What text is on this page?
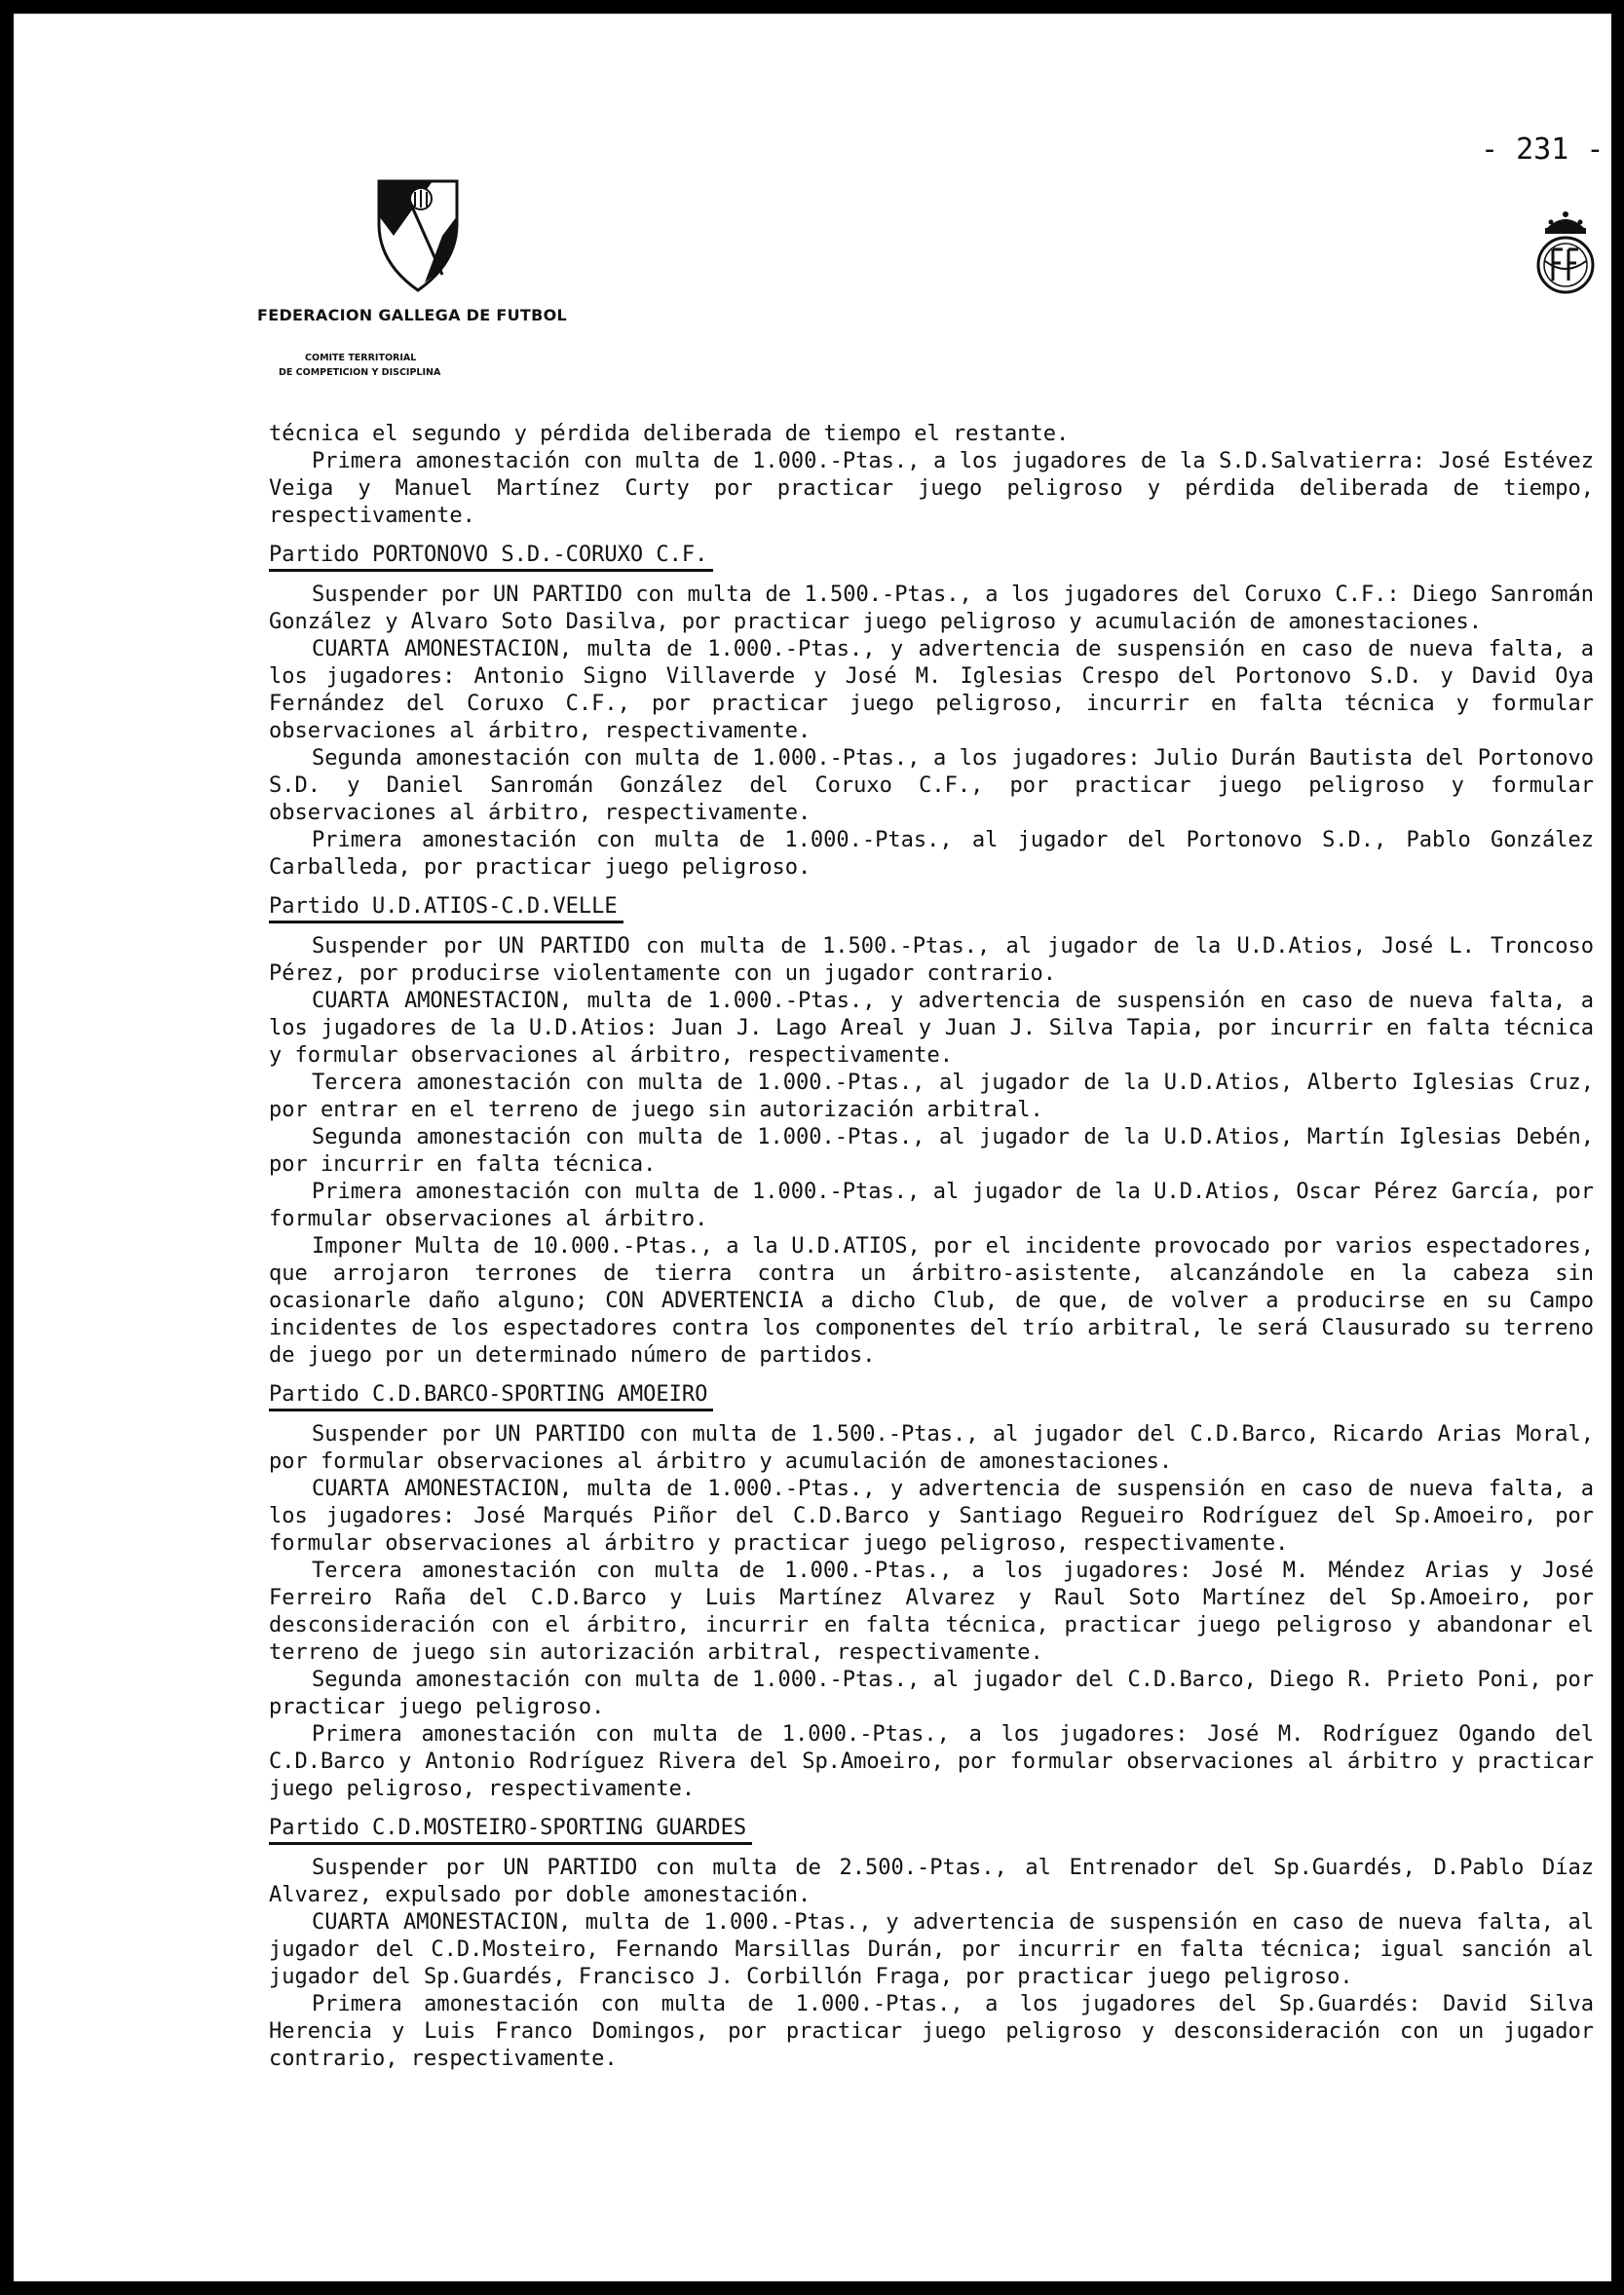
- 231 -
FEDERACION GALLEGA DE FUTBOL
COMITE TERRITORIAL
DE COMPETICION Y DISCIPLINA

técnica el segundo y pérdida deliberada de tiempo el restante.

Primera amonestación con multa de 1.000.-Ptas., a los jugadores de la S.D.Salvatierra: José Estévez Veiga y Manuel Martínez Curty por practicar juego peligroso y pérdida deliberada de tiempo, respectivamente.

Partido PORTONOVO S.D.-CORUXO C.F.

Suspender por UN PARTIDO con multa de 1.500.-Ptas., a los jugadores del Coruxo C.F.: Diego Sanromán González y Alvaro Soto Dasilva, por practicar juego peligroso y acumulación de amonestaciones.

CUARTA AMONESTACION, multa de 1.000.-Ptas., y advertencia de suspensión en caso de nueva falta, a los jugadores: Antonio Signo Villaverde y José M. Iglesias Crespo del Portonovo S.D. y David Oya Fernández del Coruxo C.F., por practicar juego peligroso, incurrir en falta técnica y formular observaciones al árbitro, respectivamente.

Segunda amonestación con multa de 1.000.-Ptas., a los jugadores: Julio Durán Bautista del Portonovo S.D. y Daniel Sanromán González del Coruxo C.F., por practicar juego peligroso y formular observaciones al árbitro, respectivamente.

Primera amonestación con multa de 1.000.-Ptas., al jugador del Portonovo S.D., Pablo González Carballeda, por practicar juego peligroso.

Partido U.D.ATIOS-C.D.VELLE

Suspender por UN PARTIDO con multa de 1.500.-Ptas., al jugador de la U.D.Atios, José L. Troncoso Pérez, por producirse violentamente con un jugador contrario.

CUARTA AMONESTACION, multa de 1.000.-Ptas., y advertencia de suspensión en caso de nueva falta, a los jugadores de la U.D.Atios: Juan J. Lago Areal y Juan J. Silva Tapia, por incurrir en falta técnica y formular observaciones al árbitro, respectivamente.

Tercera amonestación con multa de 1.000.-Ptas., al jugador de la U.D.Atios, Alberto Iglesias Cruz, por entrar en el terreno de juego sin autorización arbitral.

Segunda amonestación con multa de 1.000.-Ptas., al jugador de la U.D.Atios, Martín Iglesias Debén, por incurrir en falta técnica.

Primera amonestación con multa de 1.000.-Ptas., al jugador de la U.D.Atios, Oscar Pérez García, por formular observaciones al árbitro.

Imponer Multa de 10.000.-Ptas., a la U.D.ATIOS, por el incidente provocado por varios espectadores, que arrojaron terrones de tierra contra un árbitro-asistente, alcanzándole en la cabeza sin ocasionarle daño alguno; CON ADVERTENCIA a dicho Club, de que, de volver a producirse en su Campo incidentes de los espectadores contra los componentes del trío arbitral, le será Clausurado su terreno de juego por un determinado número de partidos.

Partido C.D.BARCO-SPORTING AMOEIRO

Suspender por UN PARTIDO con multa de 1.500.-Ptas., al jugador del C.D.Barco, Ricardo Arias Moral, por formular observaciones al árbitro y acumulación de amonestaciones.

CUARTA AMONESTACION, multa de 1.000.-Ptas., y advertencia de suspensión en caso de nueva falta, a los jugadores: José Marqués Piñor del C.D.Barco y Santiago Regueiro Rodríguez del Sp.Amoeiro, por formular observaciones al árbitro y practicar juego peligroso, respectivamente.

Tercera amonestación con multa de 1.000.-Ptas., a los jugadores: José M. Méndez Arias y José Ferreiro Raña del C.D.Barco y Luis Martínez Alvarez y Raul Soto Martínez del Sp.Amoeiro, por desconsideración con el árbitro, incurrir en falta técnica, practicar juego peligroso y abandonar el terreno de juego sin autorización arbitral, respectivamente.

Segunda amonestación con multa de 1.000.-Ptas., al jugador del C.D.Barco, Diego R. Prieto Poni, por practicar juego peligroso.

Primera amonestación con multa de 1.000.-Ptas., a los jugadores: José M. Rodríguez Ogando del C.D.Barco y Antonio Rodríguez Rivera del Sp.Amoeiro, por formular observaciones al árbitro y practicar juego peligroso, respectivamente.

Partido C.D.MOSTEIRO-SPORTING GUARDES

Suspender por UN PARTIDO con multa de 2.500.-Ptas., al Entrenador del Sp.Guardés, D.Pablo Díaz Alvarez, expulsado por doble amonestación.

CUARTA AMONESTACION, multa de 1.000.-Ptas., y advertencia de suspensión en caso de nueva falta, al jugador del C.D.Mosteiro, Fernando Marsillas Durán, por incurrir en falta técnica; igual sanción al jugador del Sp.Guardés, Francisco J. Corbillón Fraga, por practicar juego peligroso.

Primera amonestación con multa de 1.000.-Ptas., a los jugadores del Sp.Guardés: David Silva Herencia y Luis Franco Domingos, por practicar juego peligroso y desconsideración con un jugador contrario, respectivamente.
